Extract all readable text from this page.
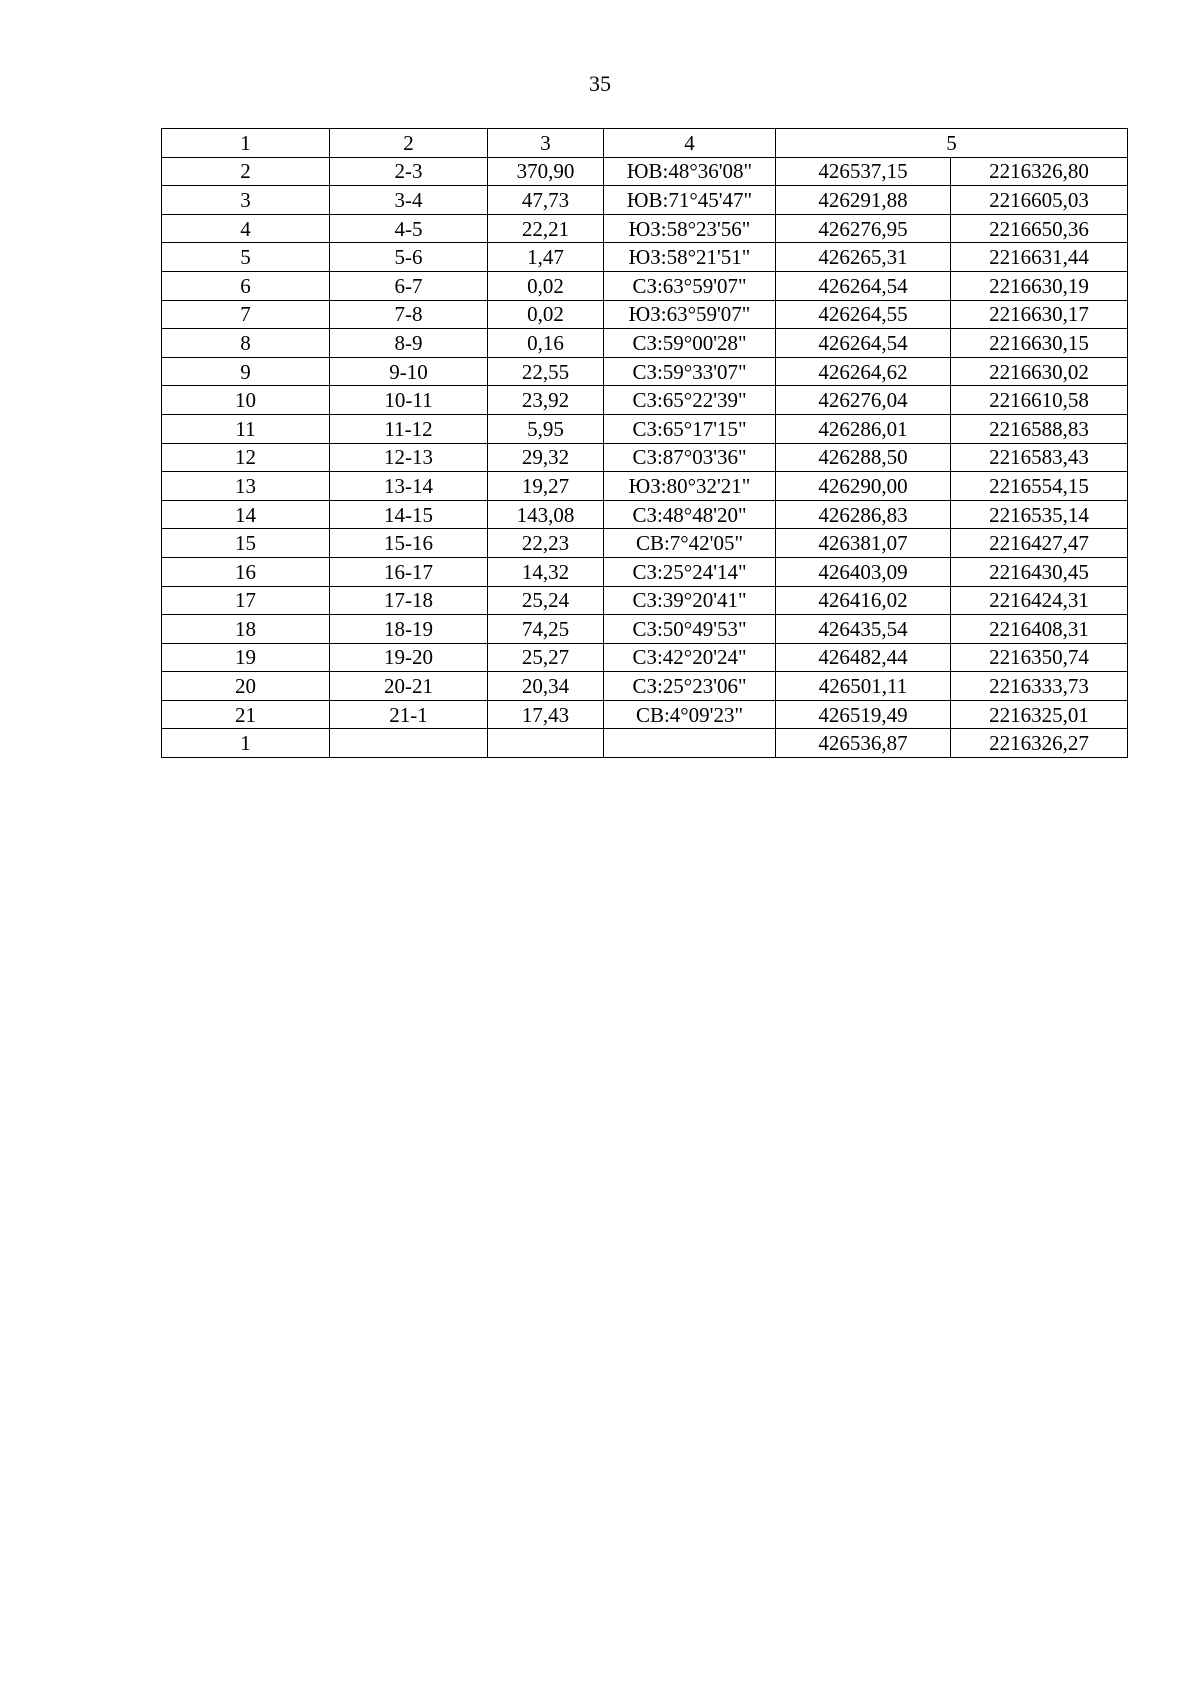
35
1	2	3	4	5	
2	2-3	370,90	ЮВ:48°36'08"	426537,15	2216326,80
3	3-4	47,73	ЮВ:71°45'47"	426291,88	2216605,03
4	4-5	22,21	ЮЗ:58°23'56"	426276,95	2216650,36
5	5-6	1,47	ЮЗ:58°21'51"	426265,31	2216631,44
6	6-7	0,02	СЗ:63°59'07"	426264,54	2216630,19
7	7-8	0,02	ЮЗ:63°59'07"	426264,55	2216630,17
8	8-9	0,16	СЗ:59°00'28"	426264,54	2216630,15
9	9-10	22,55	СЗ:59°33'07"	426264,62	2216630,02
10	10-11	23,92	СЗ:65°22'39"	426276,04	2216610,58
11	11-12	5,95	СЗ:65°17'15"	426286,01	2216588,83
12	12-13	29,32	СЗ:87°03'36"	426288,50	2216583,43
13	13-14	19,27	ЮЗ:80°32'21"	426290,00	2216554,15
14	14-15	143,08	СЗ:48°48'20"	426286,83	2216535,14
15	15-16	22,23	СВ:7°42'05"	426381,07	2216427,47
16	16-17	14,32	СЗ:25°24'14"	426403,09	2216430,45
17	17-18	25,24	СЗ:39°20'41"	426416,02	2216424,31
18	18-19	74,25	СЗ:50°49'53"	426435,54	2216408,31
19	19-20	25,27	СЗ:42°20'24"	426482,44	2216350,74
20	20-21	20,34	СЗ:25°23'06"	426501,11	2216333,73
21	21-1	17,43	СВ:4°09'23"	426519,49	2216325,01
1				426536,87	2216326,27
